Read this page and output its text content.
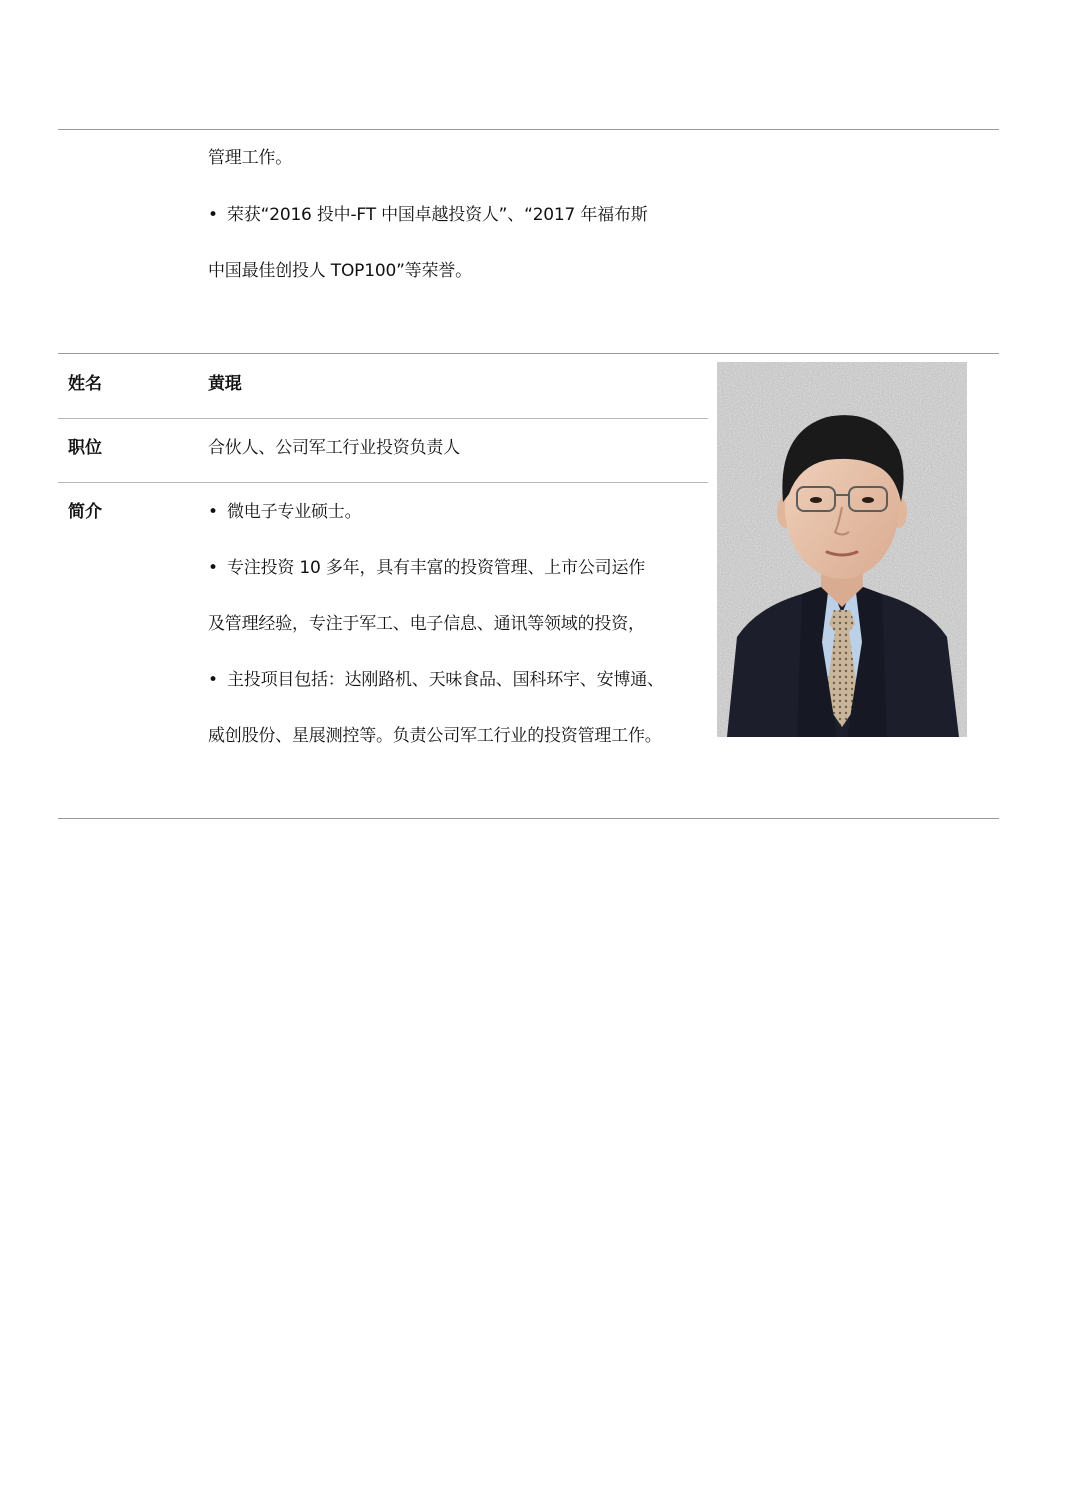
管理工作。
• 荣获“2016 投中-FT 中国卓越投资人”、“2017 年福布斯
中国最佳创投人 TOP100”等荣誉。
姓名	黄琨
职位	合伙人、公司军工行业投资负责人
简介	• 微电子专业硕士。
• 专注投资 10 多年，具有丰富的投资管理、上市公司运作
及管理经验，专注于军工、电子信息、通讯等领域的投资，
• 主投项目包括：达刚路机、天味食品、国科环宇、安博通、
威创股份、星展测控等。负责公司军工行业的投资管理工作。
